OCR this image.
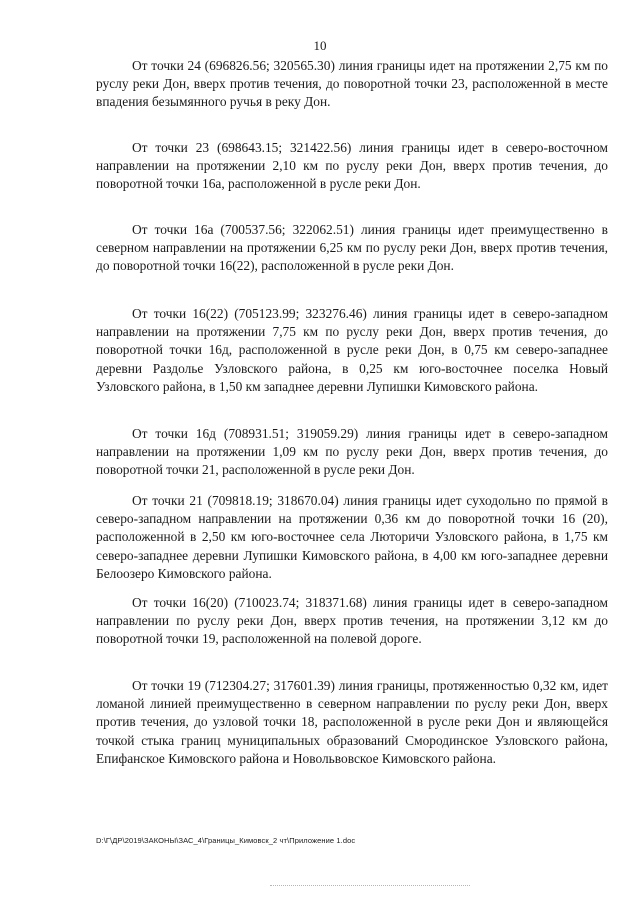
10

От точки 24 (696826.56; 320565.30) линия границы идет на протяжении 2,75 км по руслу реки Дон, вверх против течения, до поворотной точки 23, расположенной в месте впадения безымянного ручья в реку Дон.

От точки 23 (698643.15; 321422.56) линия границы идет в северо-восточном направлении на протяжении 2,10 км по руслу реки Дон, вверх против течения, до поворотной точки 16а, расположенной в русле реки Дон.

От точки 16а (700537.56; 322062.51) линия границы идет преимущественно в северном направлении на протяжении 6,25 км по руслу реки Дон, вверх против течения, до поворотной точки 16(22), расположенной в русле реки Дон.

От точки 16(22) (705123.99; 323276.46) линия границы идет в северо-западном направлении на протяжении 7,75 км по руслу реки Дон, вверх против течения, до поворотной точки 16д, расположенной в русле реки Дон, в 0,75 км северо-западнее деревни Раздолье Узловского района, в 0,25 км юго-восточнее поселка Новый Узловского района, в 1,50 км западнее деревни Лупишки Кимовского района.

От точки 16д (708931.51; 319059.29) линия границы идет в северо-западном направлении на протяжении 1,09 км по руслу реки Дон, вверх против течения, до поворотной точки 21, расположенной в русле реки Дон.

От точки 21 (709818.19; 318670.04) линия границы идет суходольно по прямой в северо-западном направлении на протяжении 0,36 км до поворотной точки 16 (20), расположенной в 2,50 км юго-восточнее села Люторичи Узловского района, в 1,75 км северо-западнее деревни Лупишки Кимовского района, в 4,00 км юго-западнее деревни Белоозеро Кимовского района.

От точки 16(20) (710023.74; 318371.68) линия границы идет в северо-западном направлении по руслу реки Дон, вверх против течения, на протяжении 3,12 км до поворотной точки 19, расположенной на полевой дороге.

От точки 19 (712304.27; 317601.39) линия границы, протяженностью 0,32 км, идет ломаной линией преимущественно в северном направлении по руслу реки Дон, вверх против течения, до узловой точки 18, расположенной в русле реки Дон и являющейся точкой стыка границ муниципальных образований Смородинское Узловского района, Епифанское Кимовского района и Новольвовское Кимовского района.

D:\Г\ДР\2019\ЗАКОНЫ\ЗАС_4\Границы_Кимовск_2 чт\Приложение 1.doc
